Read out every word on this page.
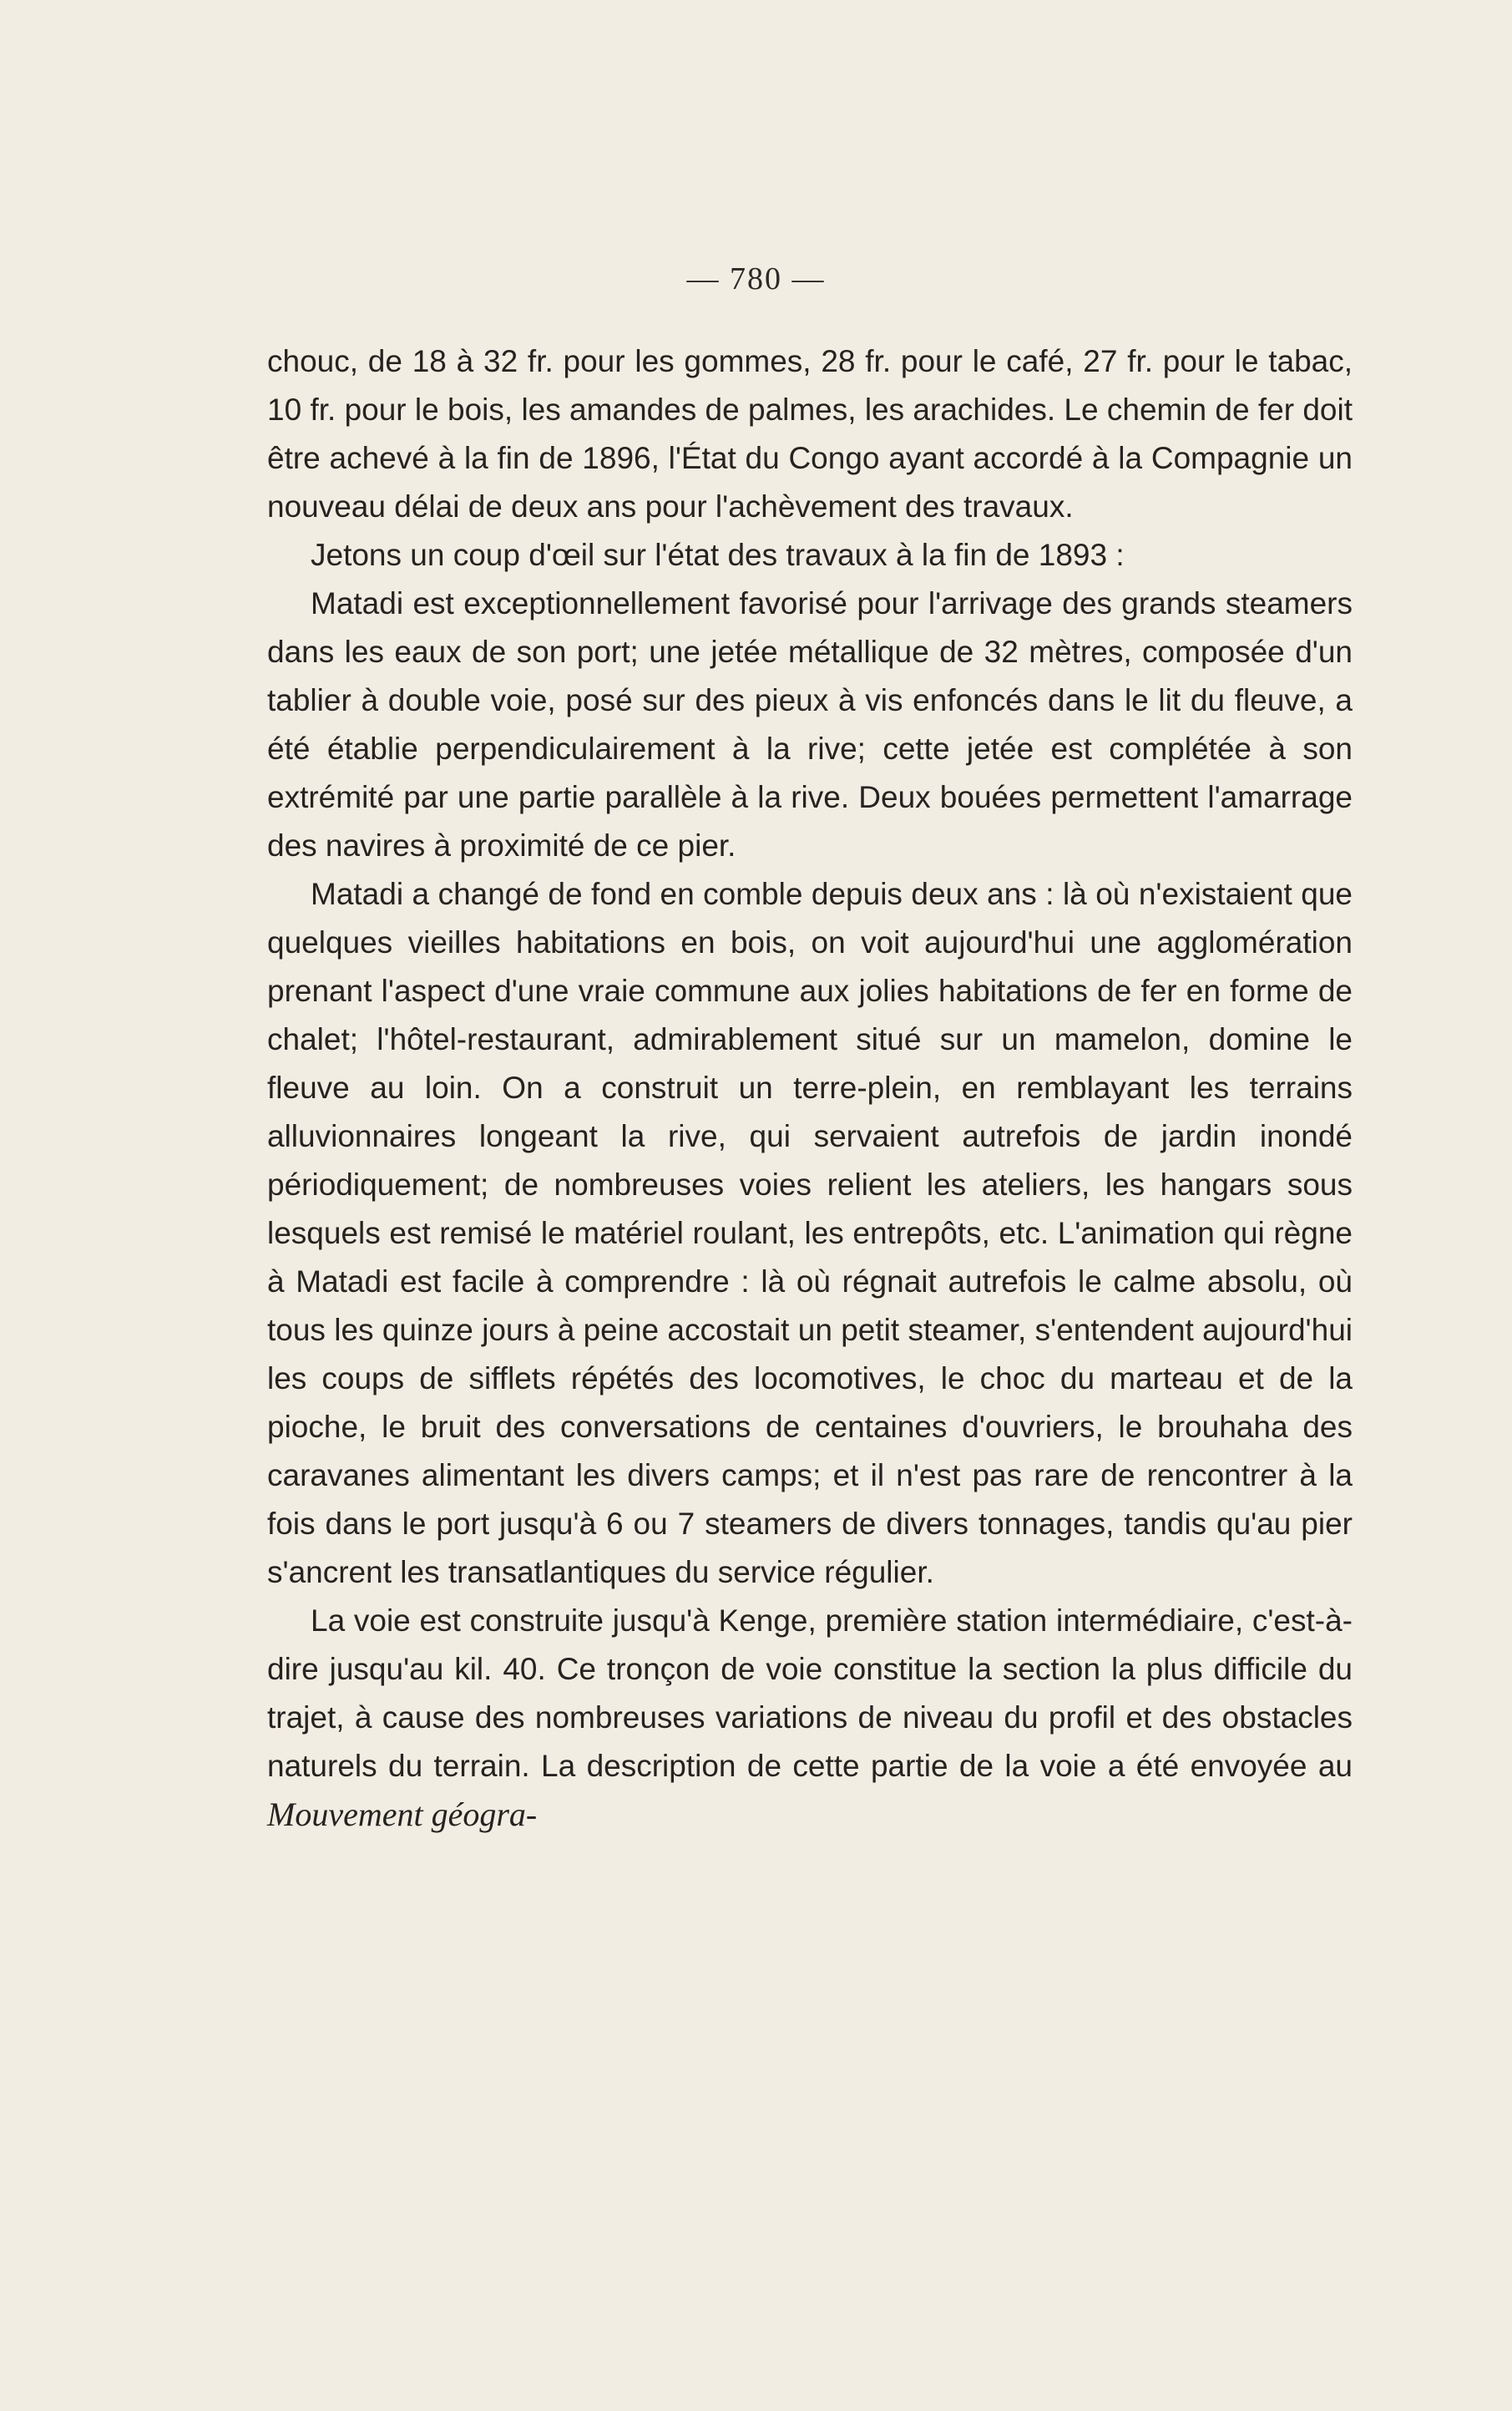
— 780 —

chouc, de 18 à 32 fr. pour les gommes, 28 fr. pour le café, 27 fr. pour le tabac, 10 fr. pour le bois, les amandes de palmes, les arachides. Le chemin de fer doit être achevé à la fin de 1896, l'État du Congo ayant accordé à la Compagnie un nouveau délai de deux ans pour l'achèvement des travaux.

Jetons un coup d'œil sur l'état des travaux à la fin de 1893 :

Matadi est exceptionnellement favorisé pour l'arrivage des grands steamers dans les eaux de son port; une jetée métallique de 32 mètres, composée d'un tablier à double voie, posé sur des pieux à vis enfoncés dans le lit du fleuve, a été établie perpendiculairement à la rive; cette jetée est complétée à son extrémité par une partie parallèle à la rive. Deux bouées permettent l'amarrage des navires à proximité de ce pier.

Matadi a changé de fond en comble depuis deux ans : là où n'existaient que quelques vieilles habitations en bois, on voit aujourd'hui une agglomération prenant l'aspect d'une vraie commune aux jolies habitations de fer en forme de chalet; l'hôtel-restaurant, admirablement situé sur un mamelon, domine le fleuve au loin. On a construit un terre-plein, en remblayant les terrains alluvionnaires longeant la rive, qui servaient autrefois de jardin inondé périodiquement; de nombreuses voies relient les ateliers, les hangars sous lesquels est remisé le matériel roulant, les entrepôts, etc. L'animation qui règne à Matadi est facile à comprendre : là où régnait autrefois le calme absolu, où tous les quinze jours à peine accostait un petit steamer, s'entendent aujourd'hui les coups de sifflets répétés des locomotives, le choc du marteau et de la pioche, le bruit des conversations de centaines d'ouvriers, le brouhaha des caravanes alimentant les divers camps; et il n'est pas rare de rencontrer à la fois dans le port jusqu'à 6 ou 7 steamers de divers tonnages, tandis qu'au pier s'ancrent les transatlantiques du service régulier.

La voie est construite jusqu'à Kenge, première station intermédiaire, c'est-à-dire jusqu'au kil. 40. Ce tronçon de voie constitue la section la plus difficile du trajet, à cause des nombreuses variations de niveau du profil et des obstacles naturels du terrain. La description de cette partie de la voie a été envoyée au Mouvement géogra-
